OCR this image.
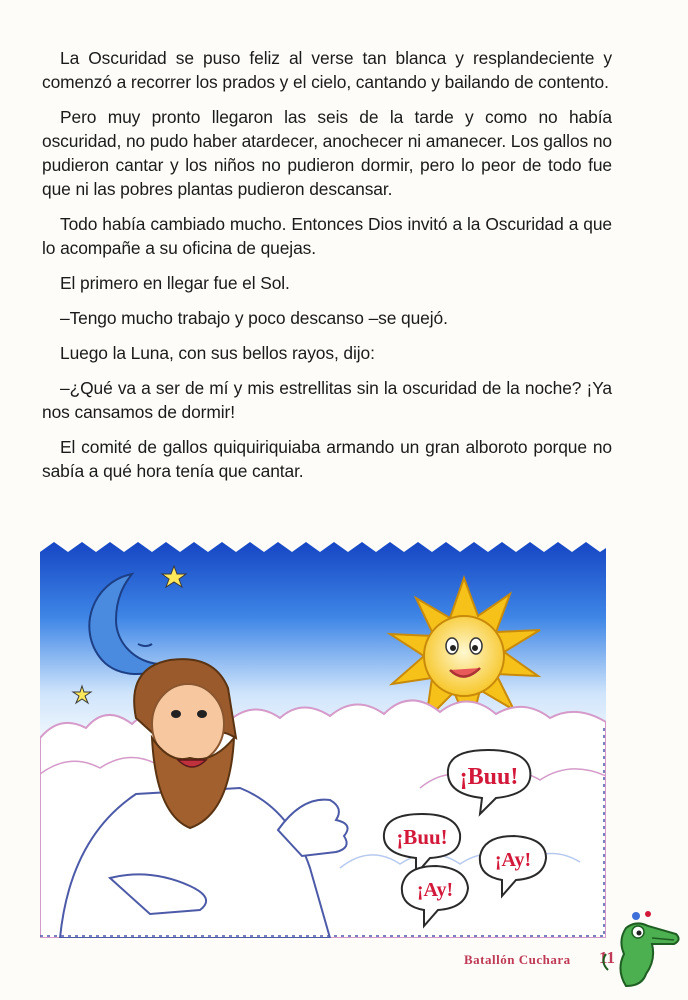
La Oscuridad se puso feliz al verse tan blanca y resplandeciente y comenzó a recorrer los prados y el cielo, cantando y bailando de contento.

Pero muy pronto llegaron las seis de la tarde y como no había oscuridad, no pudo haber atardecer, anochecer ni amanecer. Los gallos no pudieron cantar y los niños no pudieron dormir, pero lo peor de todo fue que ni las pobres plantas pudieron descansar.

Todo había cambiado mucho. Entonces Dios invitó a la Oscuridad a que lo acompañe a su oficina de quejas.

El primero en llegar fue el Sol.

–Tengo mucho trabajo y poco descanso –se quejó.

Luego la Luna, con sus bellos rayos, dijo:

–¿Qué va a ser de mí y mis estrellitas sin la oscuridad de la noche? ¡Ya nos cansamos de dormir!

El comité de gallos quiquiriquiaba armando un gran alboroto porque no sabía a qué hora tenía que cantar.

¡Buu!
¡Buu!
¡Ay!
¡Ay!
Batallón Cuchara 11
